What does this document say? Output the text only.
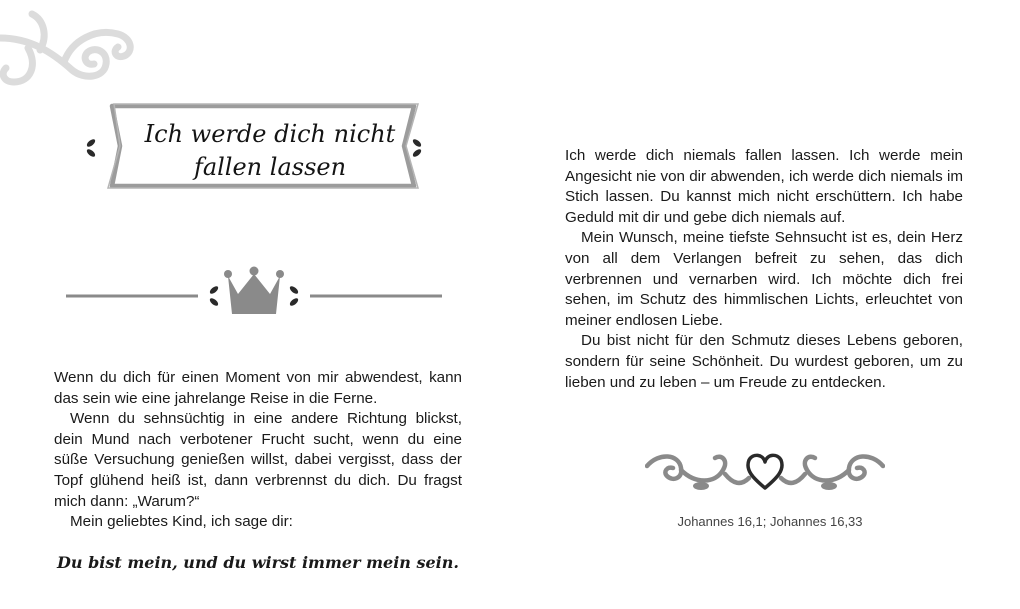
Ich werde dich nicht
fallen lassen

Wenn du dich für einen Moment von mir abwendest, kann das sein wie eine jahrelange Reise in die Ferne.

Wenn du sehnsüchtig in eine andere Richtung blickst, dein Mund nach verbotener Frucht sucht, wenn du eine süße Versuchung genießen willst, dabei vergisst, dass der Topf glühend heiß ist, dann verbrennst du dich. Du fragst mich dann: „Warum?“

Mein geliebtes Kind, ich sage dir:

Du bist mein, und du wirst immer mein sein.

Ich werde dich niemals fallen lassen. Ich werde mein Angesicht nie von dir abwenden, ich werde dich niemals im Stich lassen. Du kannst mich nicht erschüttern. Ich habe Geduld mit dir und gebe dich niemals auf.

Mein Wunsch, meine tiefste Sehnsucht ist es, dein Herz von all dem Verlangen befreit zu sehen, das dich verbrennen und vernarben wird. Ich möchte dich frei sehen, im Schutz des himmlischen Lichts, erleuchtet von meiner endlosen Liebe.

Du bist nicht für den Schmutz dieses Lebens geboren, sondern für seine Schönheit. Du wurdest geboren, um zu lieben und zu leben – um Freude zu entdecken.

Johannes 16,1; Johannes 16,33
